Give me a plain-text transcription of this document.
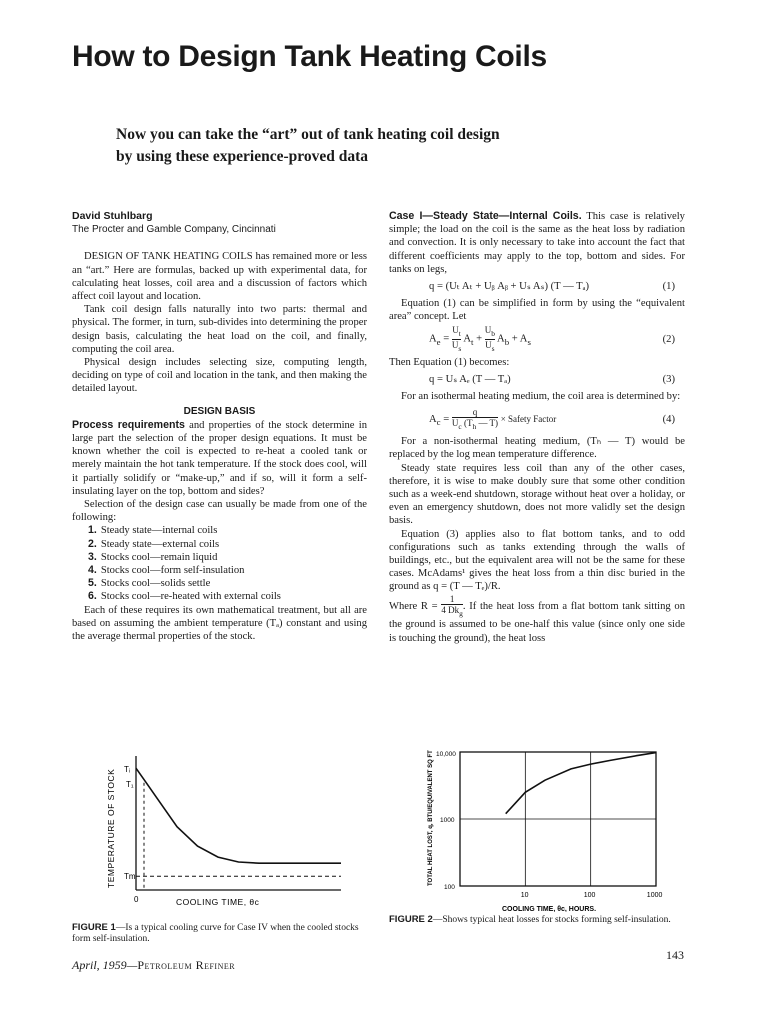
How to Design Tank Heating Coils
Now you can take the “art” out of tank heating coil design by using these experience-proved data
David Stuhlbarg
The Procter and Gamble Company, Cincinnati

DESIGN OF TANK HEATING COILS has remained more or less an “art.” Here are formulas, backed up with experimental data, for calculating heat losses, coil area and a discussion of factors which affect coil layout and location.

Tank coil design falls naturally into two parts: thermal and physical. The former, in turn, sub-divides into determining the proper design basis, calculating the heat load on the coil, and finally, computing the coil area.

Physical design includes selecting size, computing length, deciding on type of coil and location in the tank, and then making the detailed layout.

DESIGN BASIS

Process requirements and properties of the stock determine in large part the selection of the proper design equations. It must be known whether the coil is expected to re-heat a cooled tank or merely maintain the hot tank temperature. If the stock does cool, will it partially solidify or “make-up,” and if so, will it form a self-insulating layer on the top, bottom and sides?

Selection of the design case can usually be made from one of the following:

1. Steady state—internal coils
2. Steady state—external coils
3. Stocks cool—remain liquid
4. Stocks cool—form self-insulation
5. Stocks cool—solids settle
6. Stocks cool—re-heated with external coils

Each of these requires its own mathematical treatment, but all are based on assuming the ambient temperature (Tₐ) constant and using the average thermal properties of the stock.

Case I—Steady State—Internal Coils. This case is relatively simple; the load on the coil is the same as the heat loss by radiation and convection. It is only necessary to take into account the fact that different coefficients may apply to the top, bottom and sides. For tanks on legs,

q = (Uₜ Aₜ + Uᵦ Aᵦ + Uₛ Aₛ) (T — Tₐ)	(1)

Equation (1) can be simplified in form by using the “equivalent area” concept. Let

$A_e$ =
$U_t$
$U_s$ $A_t$ +
$U_b$
$U_s$ $A_b + A_s$	(2)

Then Equation (1) becomes:

q = Uₛ Aₑ (T — Tₐ)	(3)

For an isothermal heating medium, the coil area is determined by:

$A_c$ =
q
$U_c$ ($T_h$ — T) × Safety Factor	(4)

For a non-isothermal heating medium, (Tₕ — T) would be replaced by the log mean temperature difference.

Steady state requires less coil than any of the other cases, therefore, it is wise to make doubly sure that some other condition such as a week-end shutdown, storage without heat over a holiday, or even an emergency shutdown, does not more validly set the design basis.

Equation (3) applies also to flat bottom tanks, and to odd configurations such as tanks extending through the walls of buildings, etc., but the equivalent area will not be the same for these cases. McAdams¹ gives the heat loss from a thin disc buried in the ground as q = (T — Tₑ)/R.

Where R =
1
4 $Dk_g$. If the heat loss from a flat bottom tank sitting on the ground is assumed to be one-half this value (since only one side is touching the ground), the heat loss

Tᵢ
T₁
Tm
0	COOLING TIME, θc
TEMPERATURE OF STOCK
FIGURE 1—Is a typical cooling curve for Case IV when the cooled stocks form self-insulation.
10	100	1000
100
1000
10,000
COOLING TIME, θc, HOURS.
TOTAL HEAT LOST, q, BTU/EQUIVALENT SQ FT
FIGURE 2—Shows typical heat losses for stocks forming self-insulation.
April, 1959—Petroleum Refiner
143
